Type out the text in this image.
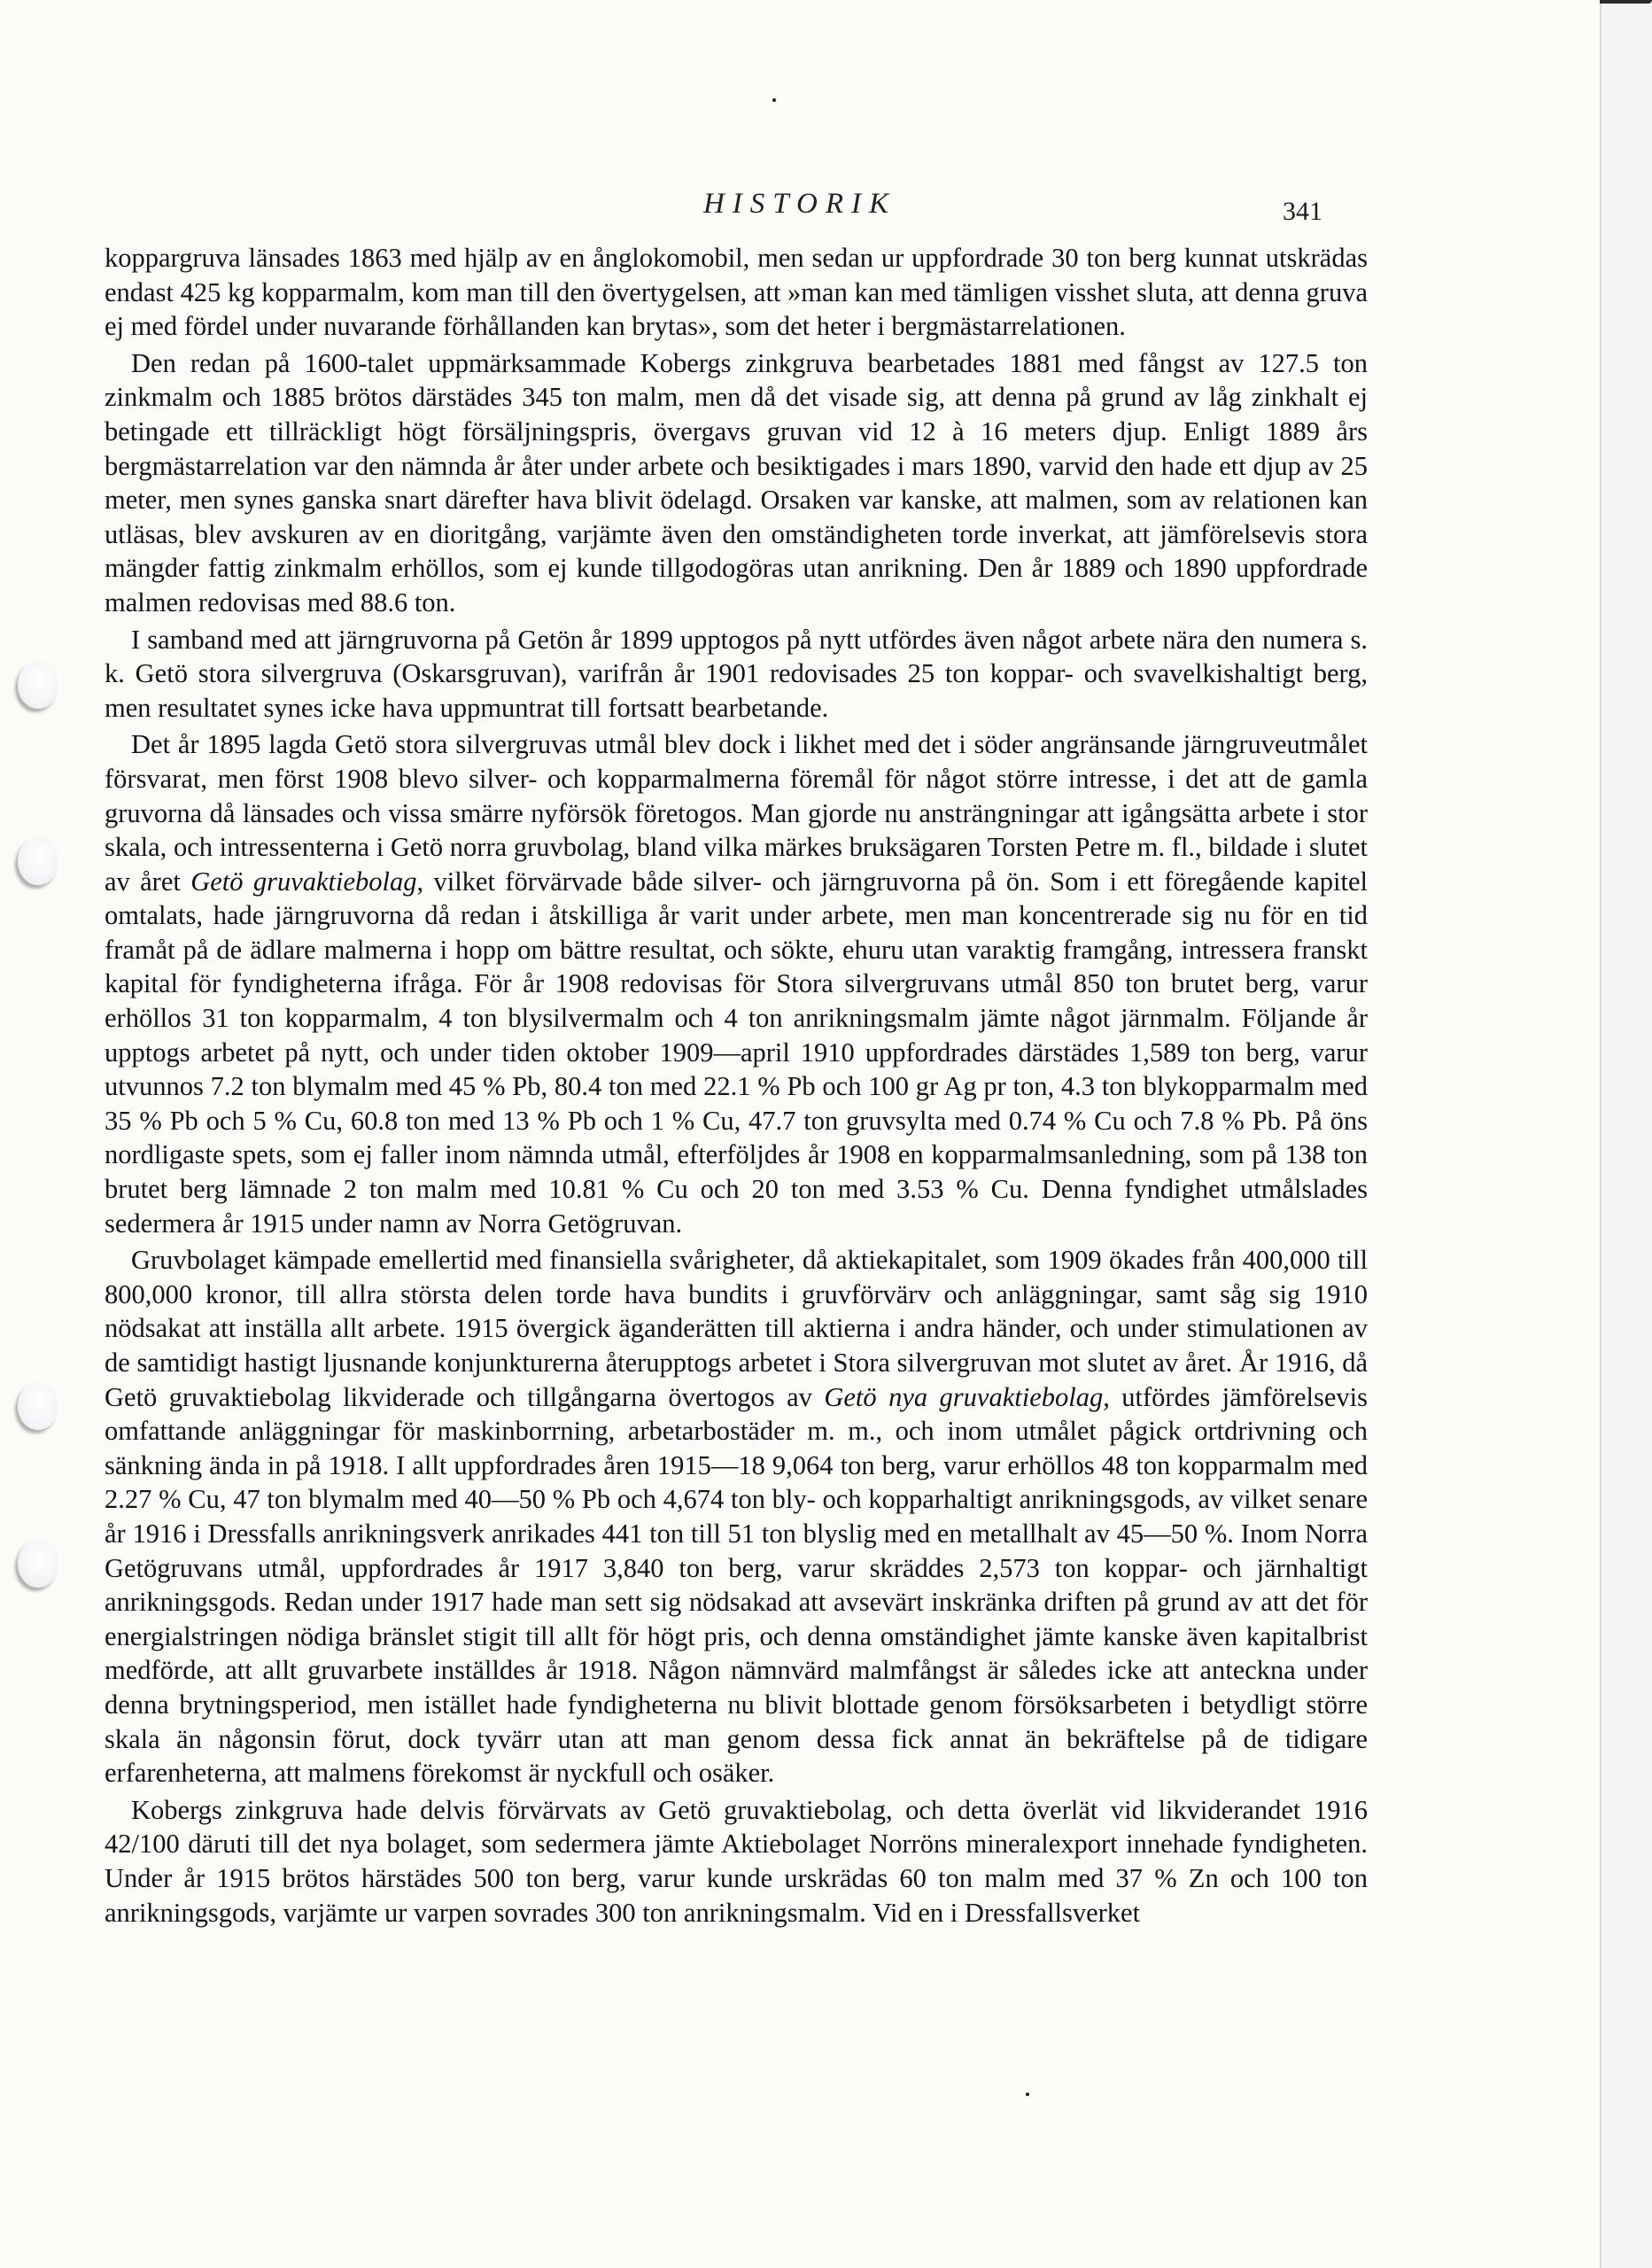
HISTORIK	341

koppargruva länsades 1863 med hjälp av en ånglokomobil, men sedan ur uppfordrade 30 ton berg kunnat utskrädas endast 425 kg kopparmalm, kom man till den övertygelsen, att »man kan med tämligen visshet sluta, att denna gruva ej med fördel under nuvarande förhållanden kan brytas», som det heter i bergmästarrelationen.

Den redan på 1600-talet uppmärksammade Kobergs zinkgruva bearbetades 1881 med fångst av 127.5 ton zinkmalm och 1885 brötos därstädes 345 ton malm, men då det visade sig, att denna på grund av låg zinkhalt ej betingade ett tillräckligt högt försäljningspris, övergavs gruvan vid 12 à 16 meters djup. Enligt 1889 års bergmästarrelation var den nämnda år åter under arbete och besiktigades i mars 1890, varvid den hade ett djup av 25 meter, men synes ganska snart därefter hava blivit ödelagd. Orsaken var kanske, att malmen, som av relationen kan utläsas, blev avskuren av en dioritgång, varjämte även den omständigheten torde inverkat, att jämförelsevis stora mängder fattig zinkmalm erhöllos, som ej kunde tillgodogöras utan anrikning. Den år 1889 och 1890 uppfordrade malmen redovisas med 88.6 ton.

I samband med att järngruvorna på Getön år 1899 upptogos på nytt utfördes även något arbete nära den numera s. k. Getö stora silvergruva (Oskarsgruvan), varifrån år 1901 redovisades 25 ton koppar- och svavelkishaltigt berg, men resultatet synes icke hava uppmuntrat till fortsatt bearbetande.

Det år 1895 lagda Getö stora silvergruvas utmål blev dock i likhet med det i söder angränsande järngruveutmålet försvarat, men först 1908 blevo silver- och kopparmalmerna föremål för något större intresse, i det att de gamla gruvorna då länsades och vissa smärre nyförsök företogos. Man gjorde nu ansträngningar att igångsätta arbete i stor skala, och intressenterna i Getö norra gruvbolag, bland vilka märkes bruksägaren Torsten Petre m. fl., bildade i slutet av året Getö gruvaktiebolag, vilket förvärvade både silver- och järngruvorna på ön. Som i ett föregående kapitel omtalats, hade järngruvorna då redan i åtskilliga år varit under arbete, men man koncentrerade sig nu för en tid framåt på de ädlare malmerna i hopp om bättre resultat, och sökte, ehuru utan varaktig framgång, intressera franskt kapital för fyndigheterna ifråga. För år 1908 redovisas för Stora silvergruvans utmål 850 ton brutet berg, varur erhöllos 31 ton kopparmalm, 4 ton blysilvermalm och 4 ton anrikningsmalm jämte något järnmalm. Följande år upptogs arbetet på nytt, och under tiden oktober 1909—april 1910 uppfordrades därstädes 1,589 ton berg, varur utvunnos 7.2 ton blymalm med 45 % Pb, 80.4 ton med 22.1 % Pb och 100 gr Ag pr ton, 4.3 ton blykopparmalm med 35 % Pb och 5 % Cu, 60.8 ton med 13 % Pb och 1 % Cu, 47.7 ton gruvsylta med 0.74 % Cu och 7.8 % Pb. På öns nordligaste spets, som ej faller inom nämnda utmål, efterföljdes år 1908 en kopparmalmsanledning, som på 138 ton brutet berg lämnade 2 ton malm med 10.81 % Cu och 20 ton med 3.53 % Cu. Denna fyndighet utmålslades sedermera år 1915 under namn av Norra Getögruvan.

Gruvbolaget kämpade emellertid med finansiella svårigheter, då aktiekapitalet, som 1909 ökades från 400,000 till 800,000 kronor, till allra största delen torde hava bundits i gruvförvärv och anläggningar, samt såg sig 1910 nödsakat att inställa allt arbete. 1915 övergick äganderätten till aktierna i andra händer, och under stimulationen av de samtidigt hastigt ljusnande konjunkturerna återupptogs arbetet i Stora silvergruvan mot slutet av året. År 1916, då Getö gruvaktiebolag likviderade och tillgångarna övertogos av Getö nya gruvaktiebolag, utfördes jämförelsevis omfattande anläggningar för maskinborrning, arbetarbostäder m. m., och inom utmålet pågick ortdrivning och sänkning ända in på 1918. I allt uppfordrades åren 1915—18 9,064 ton berg, varur erhöllos 48 ton kopparmalm med 2.27 % Cu, 47 ton blymalm med 40—50 % Pb och 4,674 ton bly- och kopparhaltigt anrikningsgods, av vilket senare år 1916 i Dressfalls anrikningsverk anrikades 441 ton till 51 ton blyslig med en metallhalt av 45—50 %. Inom Norra Getögruvans utmål, uppfordrades år 1917 3,840 ton berg, varur skräddes 2,573 ton koppar- och järnhaltigt anrikningsgods. Redan under 1917 hade man sett sig nödsakad att avsevärt inskränka driften på grund av att det för energialstringen nödiga bränslet stigit till allt för högt pris, och denna omständighet jämte kanske även kapitalbrist medförde, att allt gruvarbete inställdes år 1918. Någon nämnvärd malmfångst är således icke att anteckna under denna brytningsperiod, men istället hade fyndigheterna nu blivit blottade genom försöksarbeten i betydligt större skala än någonsin förut, dock tyvärr utan att man genom dessa fick annat än bekräftelse på de tidigare erfarenheterna, att malmens förekomst är nyckfull och osäker.

Kobergs zinkgruva hade delvis förvärvats av Getö gruvaktiebolag, och detta överlät vid likviderandet 1916 42/100 däruti till det nya bolaget, som sedermera jämte Aktiebolaget Norröns mineralexport innehade fyndigheten. Under år 1915 brötos härstädes 500 ton berg, varur kunde urskrädas 60 ton malm med 37 % Zn och 100 ton anrikningsgods, varjämte ur varpen sovrades 300 ton anrikningsmalm. Vid en i Dressfallsverket
